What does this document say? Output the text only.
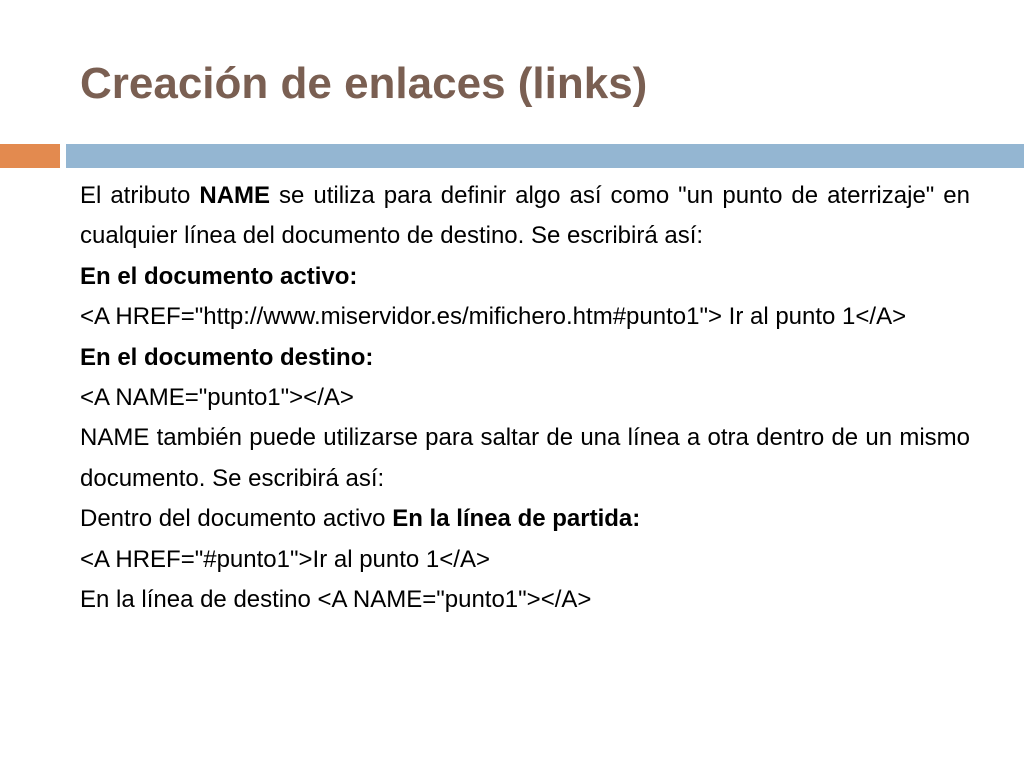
Creación de enlaces (links)

El atributo NAME se utiliza para definir algo así como "un punto de aterrizaje" en cualquier línea del documento de destino. Se escribirá así:

En el documento activo:

<A HREF="http://www.miservidor.es/mifichero.htm#punto1"> Ir al punto 1</A>

En el documento destino:

<A NAME="punto1"></A>

NAME también puede utilizarse para saltar de una línea a otra dentro de un mismo documento. Se escribirá así:

Dentro del documento activo En la línea de partida:

<A HREF="#punto1">Ir al punto 1</A>

En la línea de destino <A NAME="punto1"></A>
